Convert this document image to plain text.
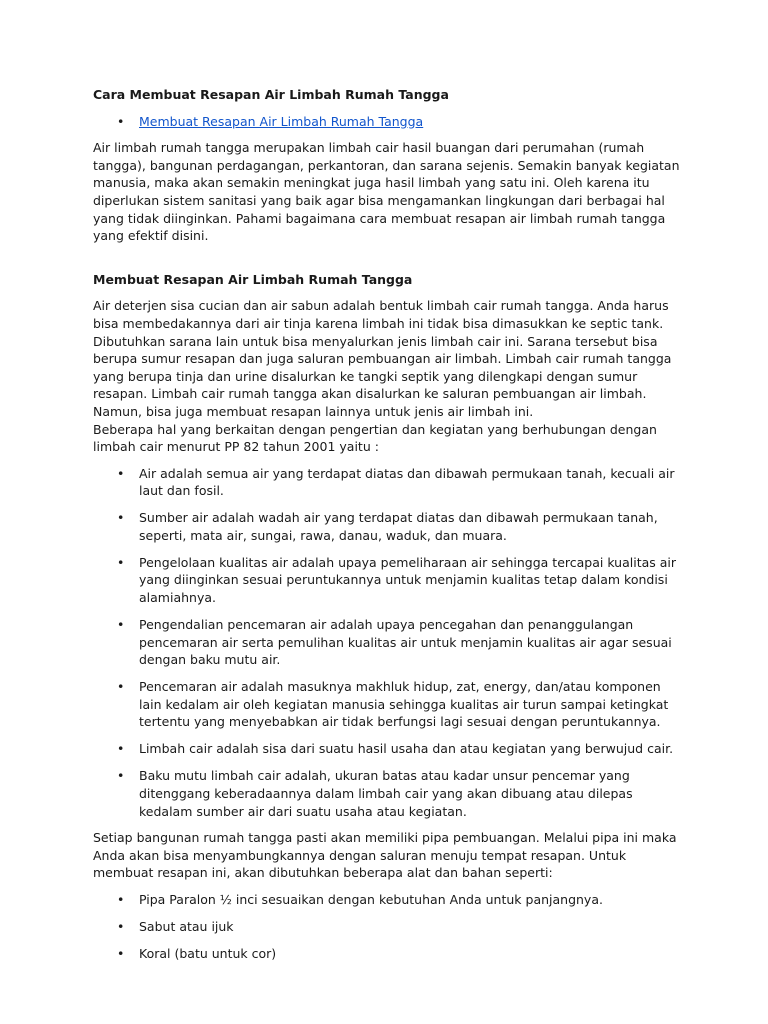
Cara Membuat Resapan Air Limbah Rumah Tangga
• Membuat Resapan Air Limbah Rumah Tangga

Air limbah rumah tangga merupakan limbah cair hasil buangan dari perumahan (rumah tangga), bangunan perdagangan, perkantoran, dan sarana sejenis. Semakin banyak kegiatan manusia, maka akan semakin meningkat juga hasil limbah yang satu ini. Oleh karena itu diperlukan sistem sanitasi yang baik agar bisa mengamankan lingkungan dari berbagai hal yang tidak diinginkan. Pahami bagaimana cara membuat resapan air limbah rumah tangga yang efektif disini.

Membuat Resapan Air Limbah Rumah Tangga

Air deterjen sisa cucian dan air sabun adalah bentuk limbah cair rumah tangga. Anda harus bisa membedakannya dari air tinja karena limbah ini tidak bisa dimasukkan ke septic tank. Dibutuhkan sarana lain untuk bisa menyalurkan jenis limbah cair ini. Sarana tersebut bisa berupa sumur resapan dan juga saluran pembuangan air limbah. Limbah cair rumah tangga yang berupa tinja dan urine disalurkan ke tangki septik yang dilengkapi dengan sumur resapan. Limbah cair rumah tangga akan disalurkan ke saluran pembuangan air limbah. Namun, bisa juga membuat resapan lainnya untuk jenis air limbah ini.

Beberapa hal yang berkaitan dengan pengertian dan kegiatan yang berhubungan dengan limbah cair menurut PP 82 tahun 2001 yaitu :

• Air adalah semua air yang terdapat diatas dan dibawah permukaan tanah, kecuali air laut dan fosil.
• Sumber air adalah wadah air yang terdapat diatas dan dibawah permukaan tanah, seperti, mata air, sungai, rawa, danau, waduk, dan muara.
• Pengelolaan kualitas air adalah upaya pemeliharaan air sehingga tercapai kualitas air yang diinginkan sesuai peruntukannya untuk menjamin kualitas tetap dalam kondisi alamiahnya.
• Pengendalian pencemaran air adalah upaya pencegahan dan penanggulangan pencemaran air serta pemulihan kualitas air untuk menjamin kualitas air agar sesuai dengan baku mutu air.
• Pencemaran air adalah masuknya makhluk hidup, zat, energy, dan/atau komponen lain kedalam air oleh kegiatan manusia sehingga kualitas air turun sampai ketingkat tertentu yang menyebabkan air tidak berfungsi lagi sesuai dengan peruntukannya.
• Limbah cair adalah sisa dari suatu hasil usaha dan atau kegiatan yang berwujud cair.
• Baku mutu limbah cair adalah, ukuran batas atau kadar unsur pencemar yang ditenggang keberadaannya dalam limbah cair yang akan dibuang atau dilepas kedalam sumber air dari suatu usaha atau kegiatan.

Setiap bangunan rumah tangga pasti akan memiliki pipa pembuangan. Melalui pipa ini maka Anda akan bisa menyambungkannya dengan saluran menuju tempat resapan. Untuk membuat resapan ini, akan dibutuhkan beberapa alat dan bahan seperti:

• Pipa Paralon ½ inci sesuaikan dengan kebutuhan Anda untuk panjangnya.
• Sabut atau ijuk
• Koral (batu untuk cor)
